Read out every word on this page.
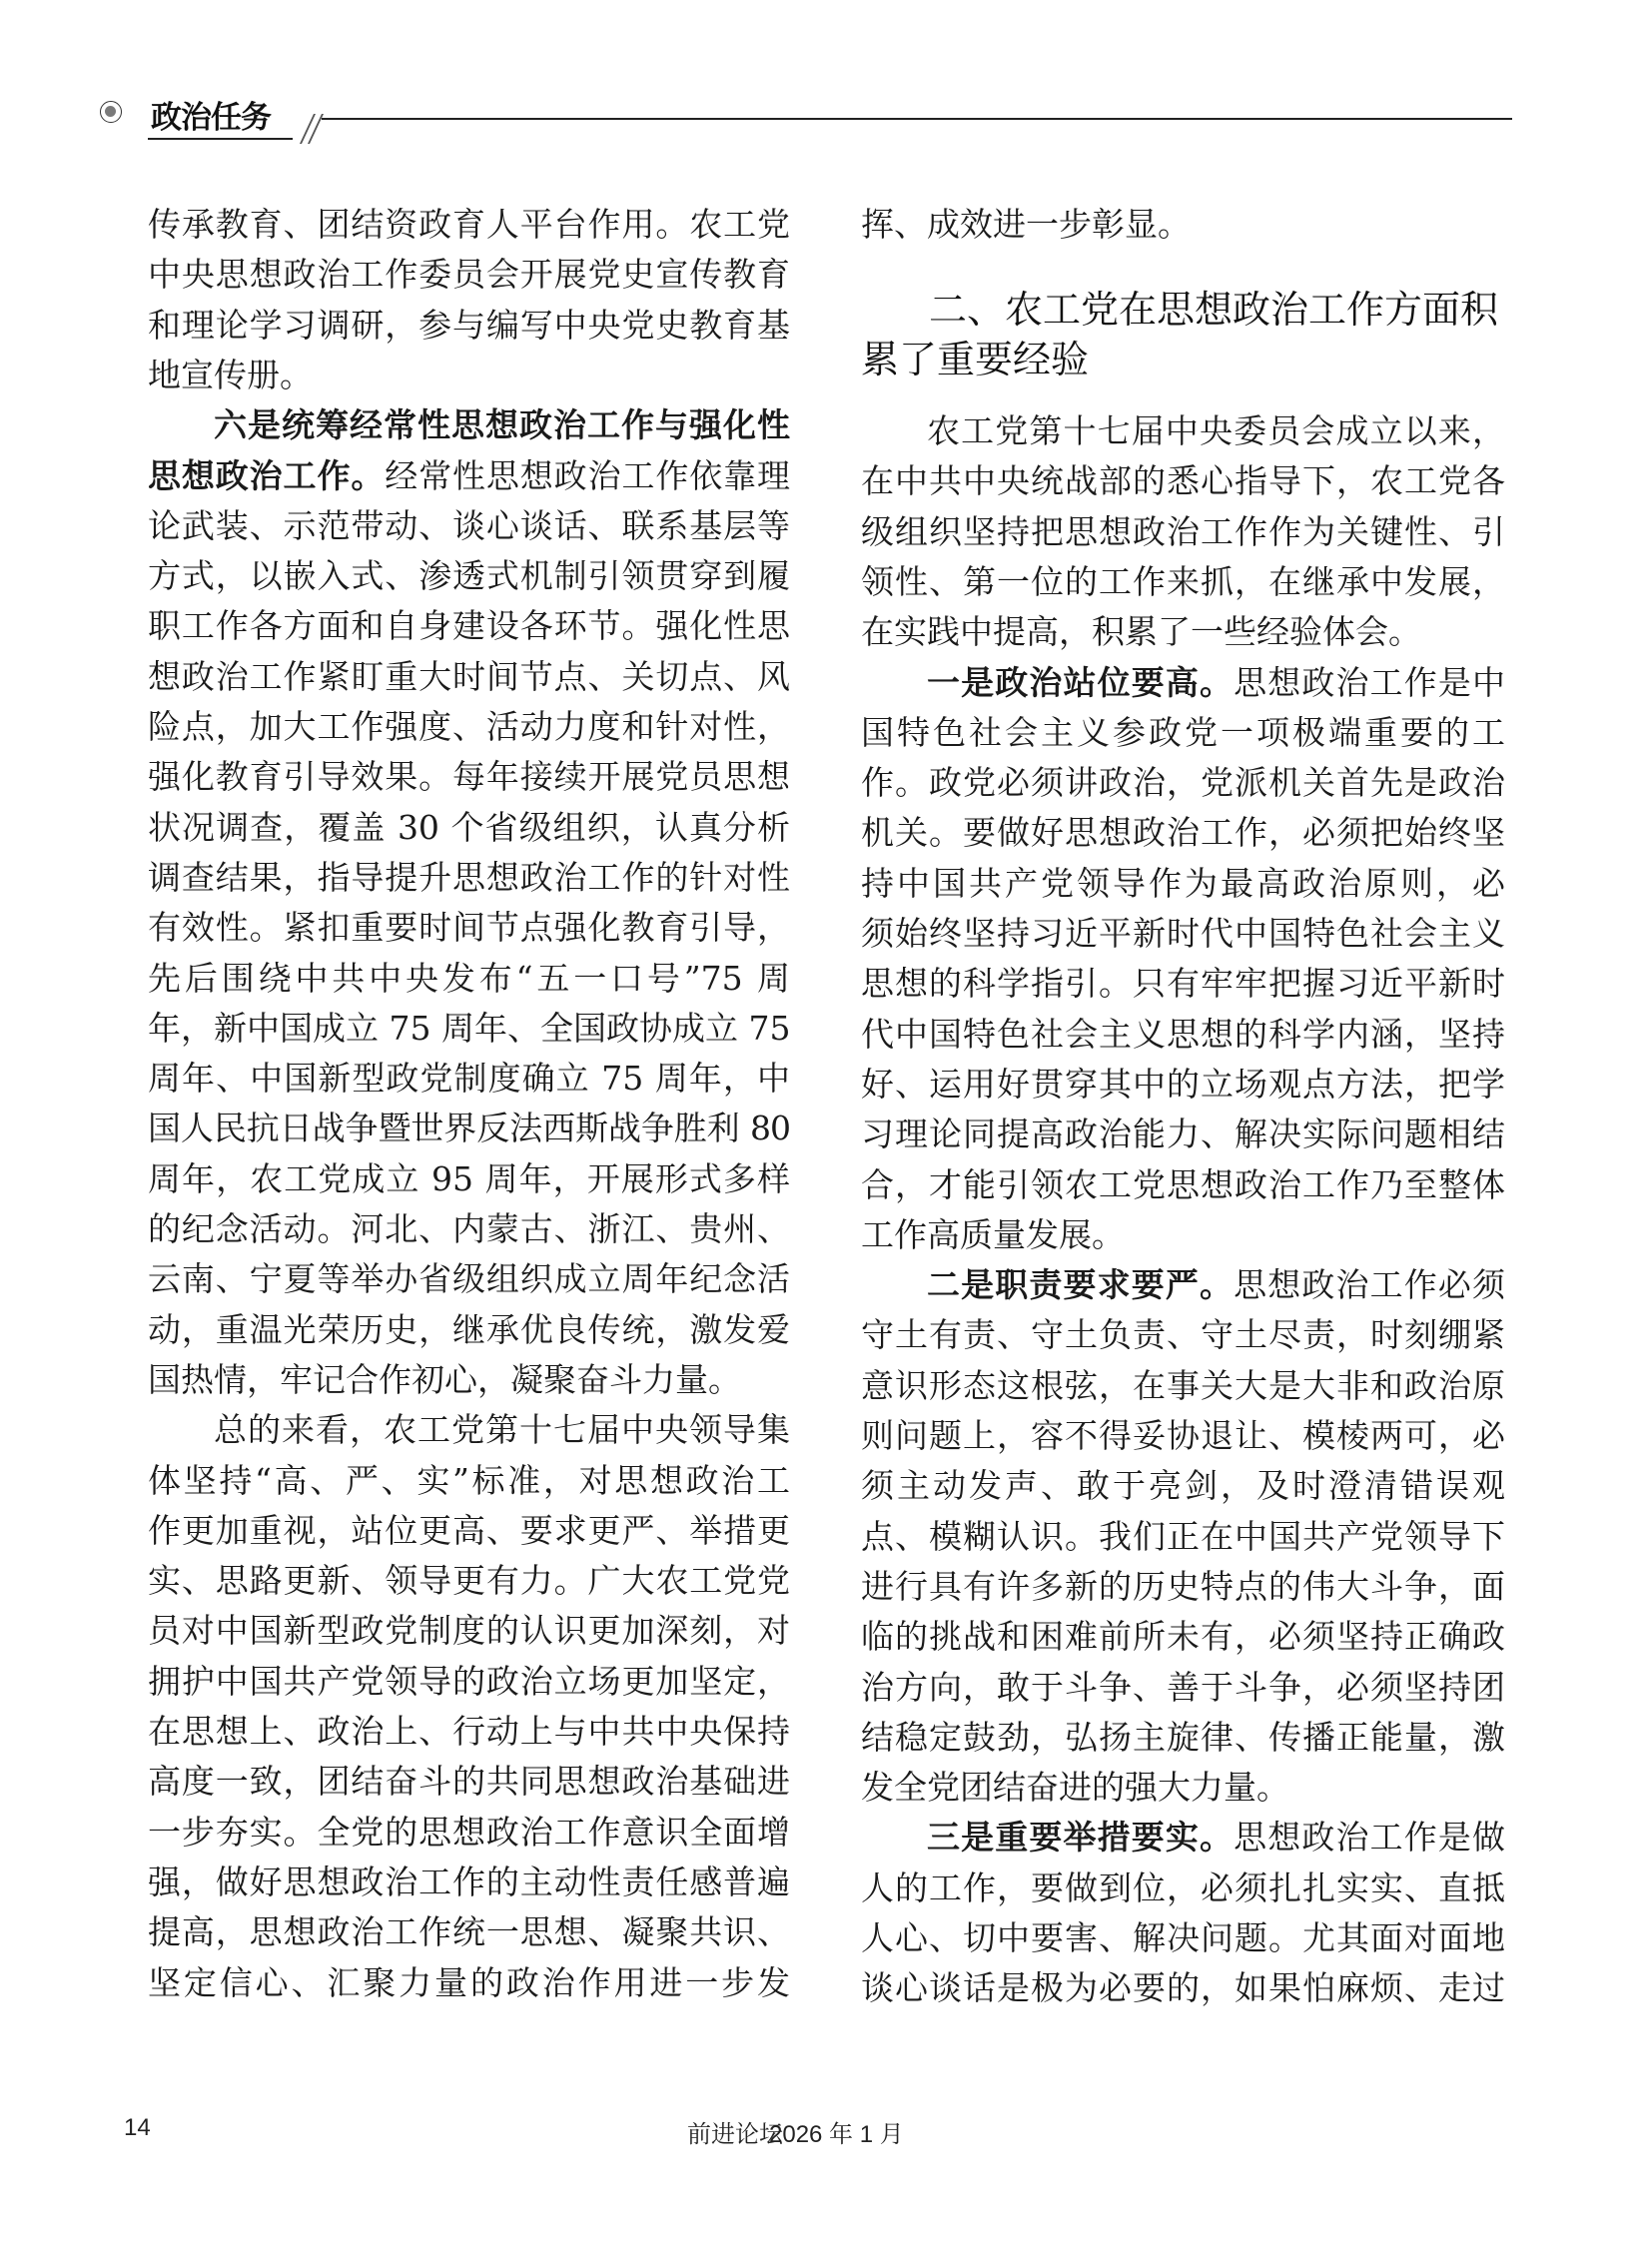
政治任务
传承教育、团结资政育人平台作用。农工党
中央思想政治工作委员会开展党史宣传教育
和理论学习调研，参与编写中央党史教育基
地宣传册。
六是统筹经常性思想政治工作与强化性
思想政治工作。经常性思想政治工作依靠理
论武装、示范带动、谈心谈话、联系基层等
方式，以嵌入式、渗透式机制引领贯穿到履
职工作各方面和自身建设各环节。强化性思
想政治工作紧盯重大时间节点、关切点、风
险点，加大工作强度、活动力度和针对性，
强化教育引导效果。每年接续开展党员思想
状况调查，覆盖 30 个省级组织，认真分析
调查结果，指导提升思想政治工作的针对性
有效性。紧扣重要时间节点强化教育引导，
先后围绕中共中央发布“五一口号”75 周
年，新中国成立 75 周年、全国政协成立 75
周年、中国新型政党制度确立 75 周年，中
国人民抗日战争暨世界反法西斯战争胜利 80
周年，农工党成立 95 周年，开展形式多样
的纪念活动。河北、内蒙古、浙江、贵州、
云南、宁夏等举办省级组织成立周年纪念活
动，重温光荣历史，继承优良传统，激发爱
国热情，牢记合作初心，凝聚奋斗力量。
总的来看，农工党第十七届中央领导集
体坚持“高、严、实”标准，对思想政治工
作更加重视，站位更高、要求更严、举措更
实、思路更新、领导更有力。广大农工党党
员对中国新型政党制度的认识更加深刻，对
拥护中国共产党领导的政治立场更加坚定，
在思想上、政治上、行动上与中共中央保持
高度一致，团结奋斗的共同思想政治基础进
一步夯实。全党的思想政治工作意识全面增
强，做好思想政治工作的主动性责任感普遍
提高，思想政治工作统一思想、凝聚共识、
坚定信心、汇聚力量的政治作用进一步发
挥、成效进一步彰显。
二、农工党在思想政治工作方面积
累了重要经验
农工党第十七届中央委员会成立以来，
在中共中央统战部的悉心指导下，农工党各
级组织坚持把思想政治工作作为关键性、引
领性、第一位的工作来抓，在继承中发展，
在实践中提高，积累了一些经验体会。
一是政治站位要高。思想政治工作是中
国特色社会主义参政党一项极端重要的工
作。政党必须讲政治，党派机关首先是政治
机关。要做好思想政治工作，必须把始终坚
持中国共产党领导作为最高政治原则，必
须始终坚持习近平新时代中国特色社会主义
思想的科学指引。只有牢牢把握习近平新时
代中国特色社会主义思想的科学内涵，坚持
好、运用好贯穿其中的立场观点方法，把学
习理论同提高政治能力、解决实际问题相结
合，才能引领农工党思想政治工作乃至整体
工作高质量发展。
二是职责要求要严。思想政治工作必须
守土有责、守土负责、守土尽责，时刻绷紧
意识形态这根弦，在事关大是大非和政治原
则问题上，容不得妥协退让、模棱两可，必
须主动发声、敢于亮剑，及时澄清错误观
点、模糊认识。我们正在中国共产党领导下
进行具有许多新的历史特点的伟大斗争，面
临的挑战和困难前所未有，必须坚持正确政
治方向，敢于斗争、善于斗争，必须坚持团
结稳定鼓劲，弘扬主旋律、传播正能量，激
发全党团结奋进的强大力量。
三是重要举措要实。思想政治工作是做
人的工作，要做到位，必须扎扎实实、直抵
人心、切中要害、解决问题。尤其面对面地
谈心谈话是极为必要的，如果怕麻烦、走过
14	前进论坛
2026 年 1 月
